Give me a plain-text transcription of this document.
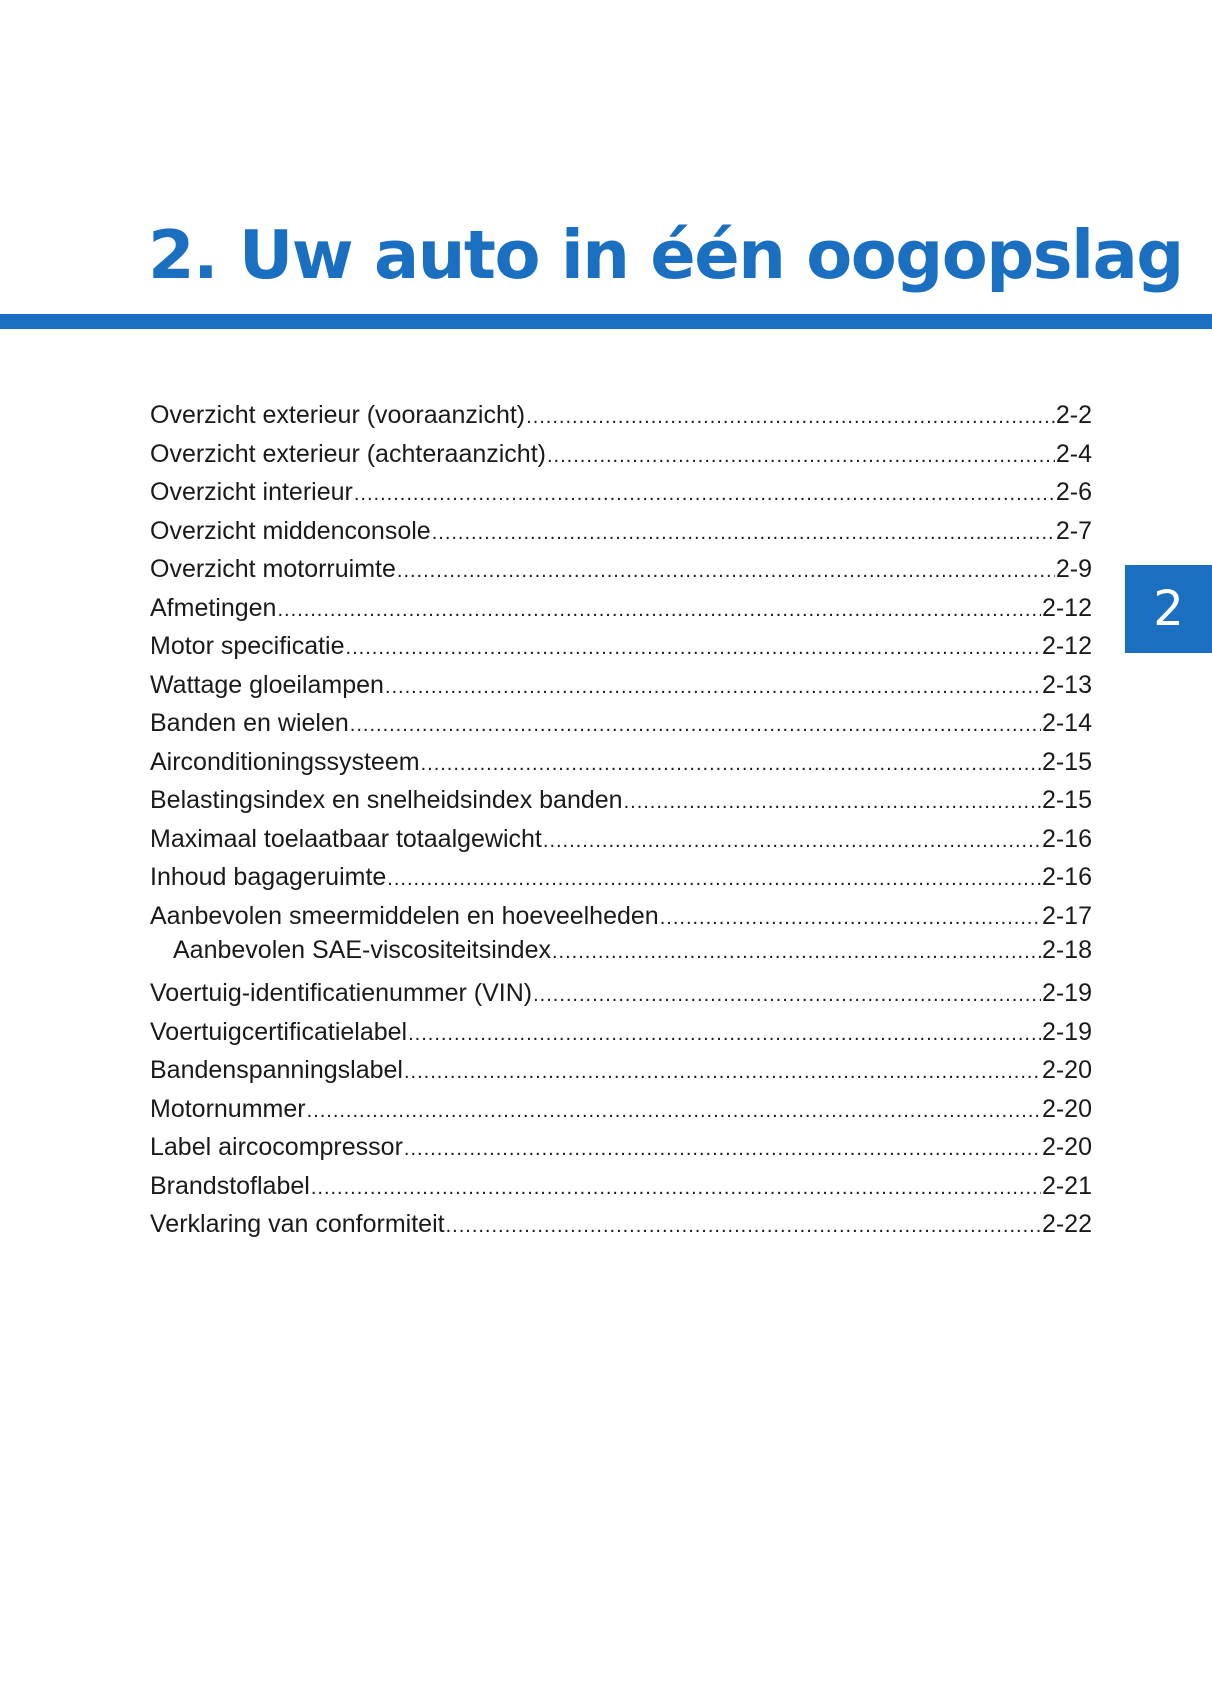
2. Uw auto in één oogopslag
2
Overzicht exterieur (vooraanzicht) .....	2-2
Overzicht exterieur (achteraanzicht) .....	2-4
Overzicht interieur .....	2-6
Overzicht middenconsole .....	2-7
Overzicht motorruimte .....	2-9
Afmetingen .....	2-12
Motor specificatie .....	2-12
Wattage gloeilampen .....	2-13
Banden en wielen .....	2-14
Airconditioningssysteem .....	2-15
Belastingsindex en snelheidsindex banden .....	2-15
Maximaal toelaatbaar totaalgewicht .....	2-16
Inhoud bagageruimte .....	2-16
Aanbevolen smeermiddelen en hoeveelheden .....	2-17
Aanbevolen SAE-viscositeitsindex .....	2-18
Voertuig-identificatienummer (VIN) .....	2-19
Voertuigcertificatielabel .....	2-19
Bandenspanningslabel .....	2-20
Motornummer .....	2-20
Label aircocompressor .....	2-20
Brandstoflabel .....	2-21
Verklaring van conformiteit .....	2-22
